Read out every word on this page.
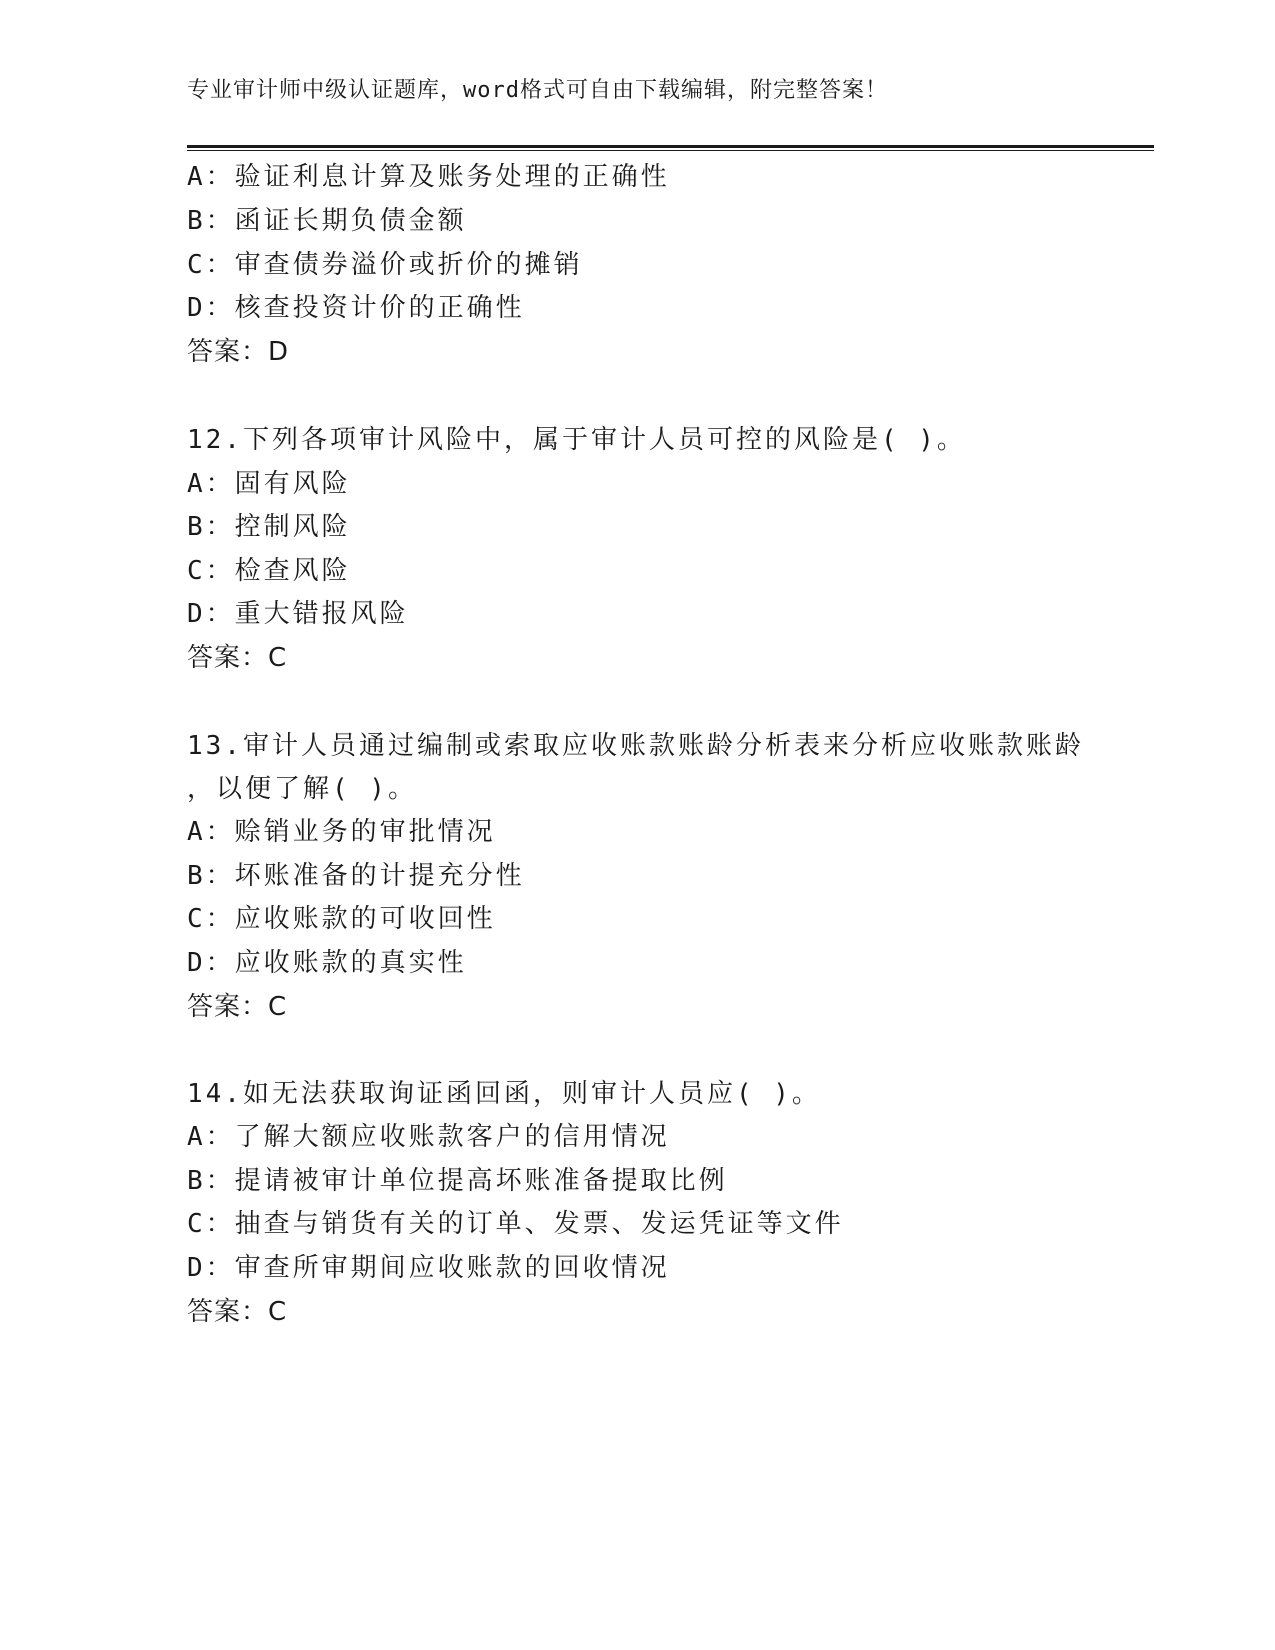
专业审计师中级认证题库，word格式可自由下载编辑，附完整答案！
A：验证利息计算及账务处理的正确性
B：函证长期负债金额
C：审查债券溢价或折价的摊销
D：核查投资计价的正确性
答案：D
12.下列各项审计风险中，属于审计人员可控的风险是( )。
A：固有风险
B：控制风险
C：检查风险
D：重大错报风险
答案：C
13.审计人员通过编制或索取应收账款账龄分析表来分析应收账款账龄
，以便了解( )。
A：赊销业务的审批情况
B：坏账准备的计提充分性
C：应收账款的可收回性
D：应收账款的真实性
答案：C
14.如无法获取询证函回函，则审计人员应( )。
A：了解大额应收账款客户的信用情况
B：提请被审计单位提高坏账准备提取比例
C：抽查与销货有关的订单、发票、发运凭证等文件
D：审查所审期间应收账款的回收情况
答案：C
